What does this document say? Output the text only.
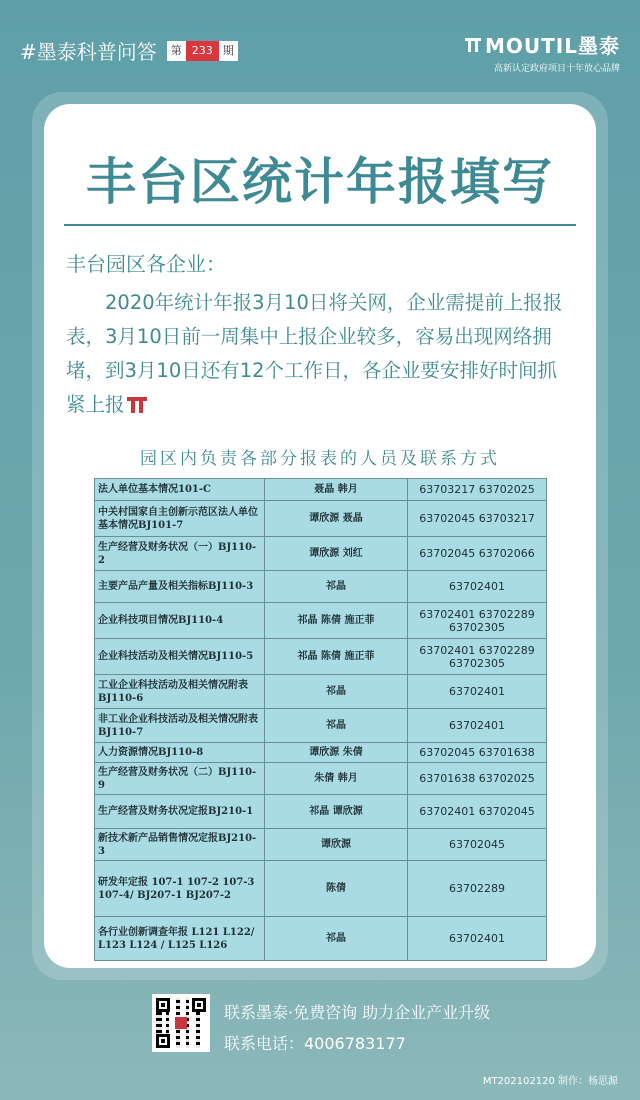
#墨泰科普问答	第 233 期	MOUTIL墨泰
高新认定政府项目十年放心品牌
丰台区统计年报填写
丰台园区各企业：
2020年统计年报3月10日将关网，企业需提前上报报表，3月10日前一周集中上报企业较多，容易出现网络拥堵，到3月10日还有12个工作日，各企业要安排好时间抓紧上报
园区内负责各部分报表的人员及联系方式
法人单位基本情况101-C	聂晶 韩月	63703217 63702025
中关村国家自主创新示范区法人单位基本情况BJ101-7	谭欣源 聂晶	63702045 63703217
生产经营及财务状况（一）BJ110-2	谭欣源 刘红	63702045 63702066
主要产品产量及相关指标BJ110-3	祁晶	63702401
企业科技项目情况BJ110-4	祁晶 陈倩 施正菲	63702401 63702289 63702305
企业科技活动及相关情况BJ110-5	祁晶 陈倩 施正菲	63702401 63702289 63702305
工业企业科技活动及相关情况附表BJ110-6	祁晶	63702401
非工业企业科技活动及相关情况附表BJ110-7	祁晶	63702401
人力资源情况BJ110-8	谭欣源 朱倩	63702045 63701638
生产经营及财务状况（二）BJ110-9	朱倩 韩月	63701638 63702025
生产经营及财务状况定报BJ210-1	祁晶 谭欣源	63702401 63702045
新技术新产品销售情况定报BJ210-3	谭欣源	63702045
研发年定报 107-1 107-2 107-3 107-4/ BJ207-1 BJ207-2	陈倩	63702289
各行业创新调查年报 L121 L122/ L123 L124 / L125 L126	祁晶	63702401
联系墨泰·免费咨询 助力企业产业升级
联系电话：4006783177
MT202102120 制作：杨思源
